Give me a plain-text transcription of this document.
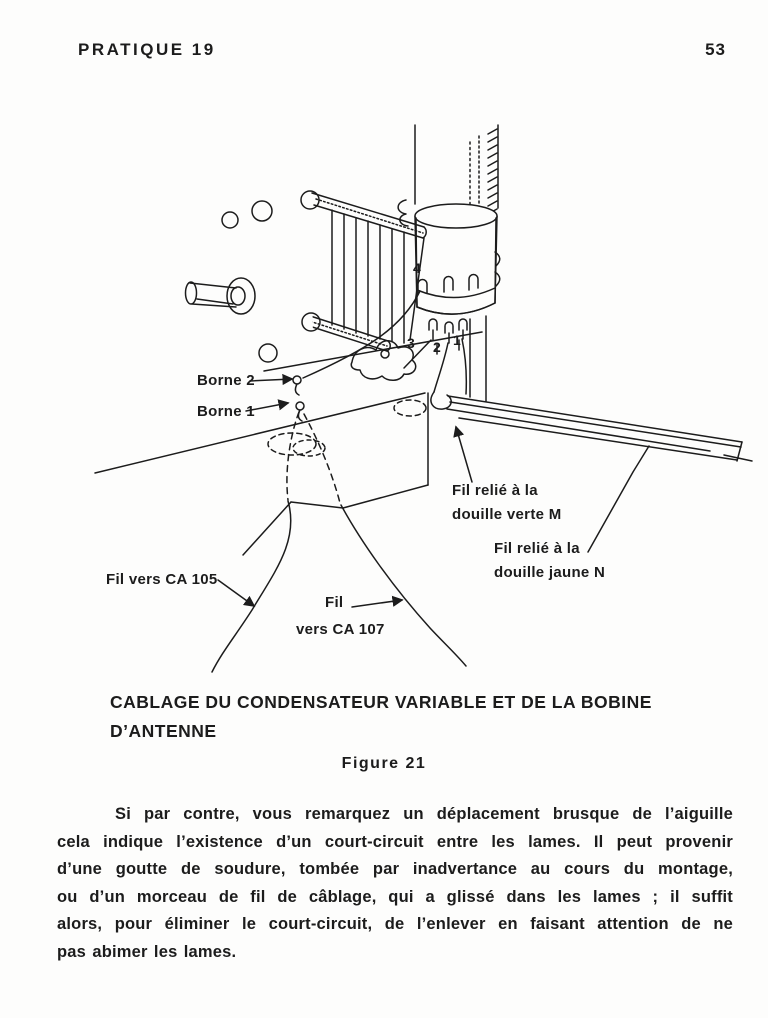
PRATIQUE 19	53
Borne 2
Borne 1
4
3 2 1
Fil relié à la
douille verte M
Fil relié à la
douille jaune N
Fil vers CA 105
Fil
vers CA 107
CABLAGE DU CONDENSATEUR VARIABLE ET DE LA BOBINE
D’ANTENNE
Figure 21
Si par contre, vous remarquez un déplacement brusque de l’aiguille
cela indique l’existence d’un court-circuit entre les lames. Il peut provenir
d’une goutte de soudure, tombée par inadvertance au cours du montage,
ou d’un morceau de fil de câblage, qui a glissé dans les lames ; il suffit
alors, pour éliminer le court-circuit, de l’enlever en faisant attention de ne
pas abimer les lames.
